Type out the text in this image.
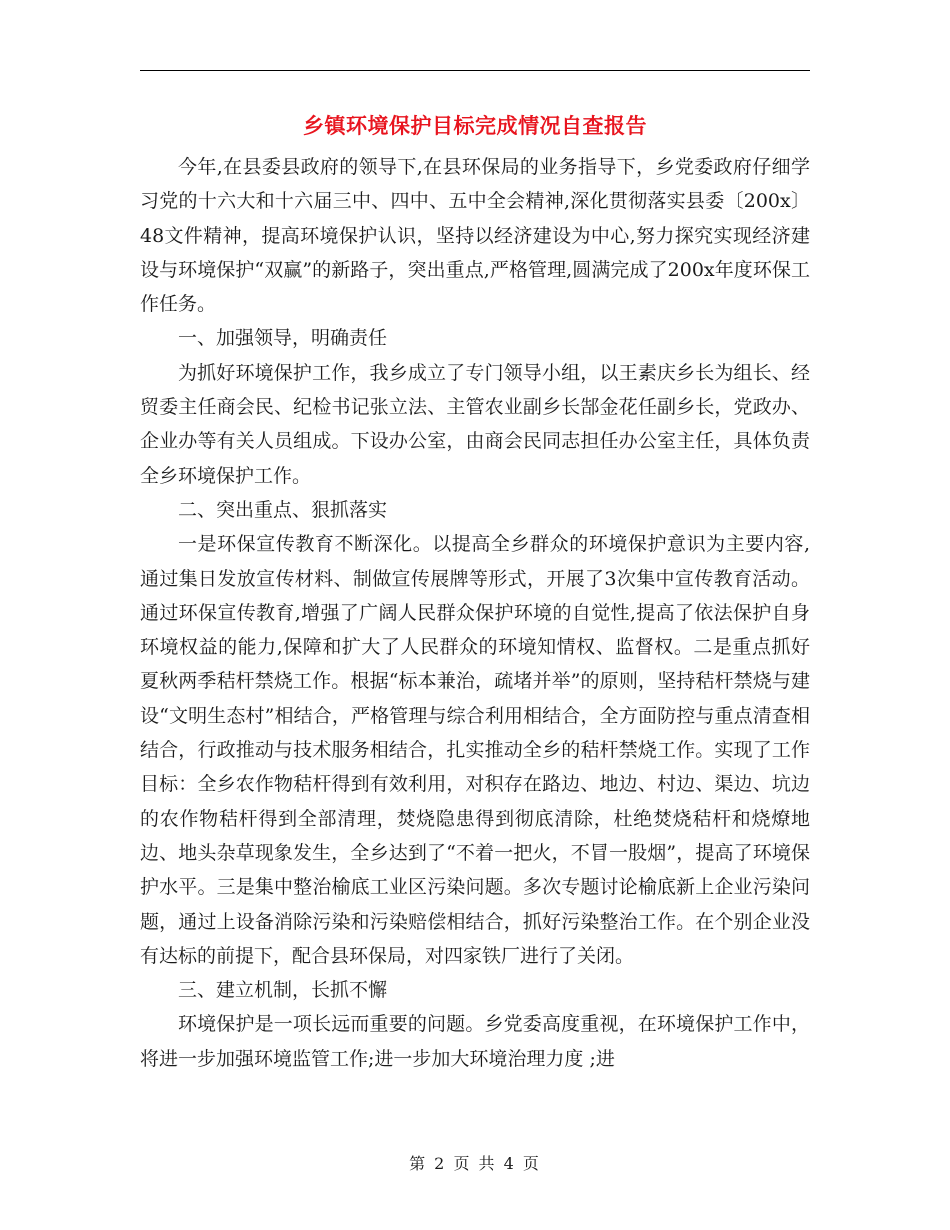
乡镇环境保护目标完成情况自查报告

今年,在县委县政府的领导下,在县环保局的业务指导下，乡党委政府仔细学习党的十六大和十六届三中、四中、五中全会精神,深化贯彻落实县委〔200x〕48文件精神，提高环境保护认识，坚持以经济建设为中心,努力探究实现经济建设与环境保护“双赢”的新路子，突出重点,严格管理,圆满完成了200x年度环保工作任务。

一、加强领导，明确责任

为抓好环境保护工作，我乡成立了专门领导小组，以王素庆乡长为组长、经贸委主任商会民、纪检书记张立法、主管农业副乡长郜金花任副乡长，党政办、企业办等有关人员组成。下设办公室，由商会民同志担任办公室主任，具体负责全乡环境保护工作。

二、突出重点、狠抓落实

一是环保宣传教育不断深化。以提高全乡群众的环境保护意识为主要内容,通过集日发放宣传材料、制做宣传展牌等形式，开展了3次集中宣传教育活动。通过环保宣传教育,增强了广阔人民群众保护环境的自觉性,提高了依法保护自身环境权益的能力,保障和扩大了人民群众的环境知情权、监督权。二是重点抓好夏秋两季秸杆禁烧工作。根据“标本兼治，疏堵并举”的原则，坚持秸杆禁烧与建设“文明生态村”相结合，严格管理与综合利用相结合，全方面防控与重点清查相结合，行政推动与技术服务相结合，扎实推动全乡的秸杆禁烧工作。实现了工作目标：全乡农作物秸杆得到有效利用，对积存在路边、地边、村边、渠边、坑边的农作物秸杆得到全部清理，焚烧隐患得到彻底清除，杜绝焚烧秸杆和烧燎地边、地头杂草现象发生，全乡达到了“不着一把火，不冒一股烟”，提高了环境保护水平。三是集中整治榆底工业区污染问题。多次专题讨论榆底新上企业污染问题，通过上设备消除污染和污染赔偿相结合，抓好污染整治工作。在个别企业没有达标的前提下，配合县环保局，对四家铁厂进行了关闭。

三、建立机制，长抓不懈

环境保护是一项长远而重要的问题。乡党委高度重视，在环境保护工作中，将进一步加强环境监管工作;进一步加大环境治理力度 ;进

第 2 页 共 4 页
